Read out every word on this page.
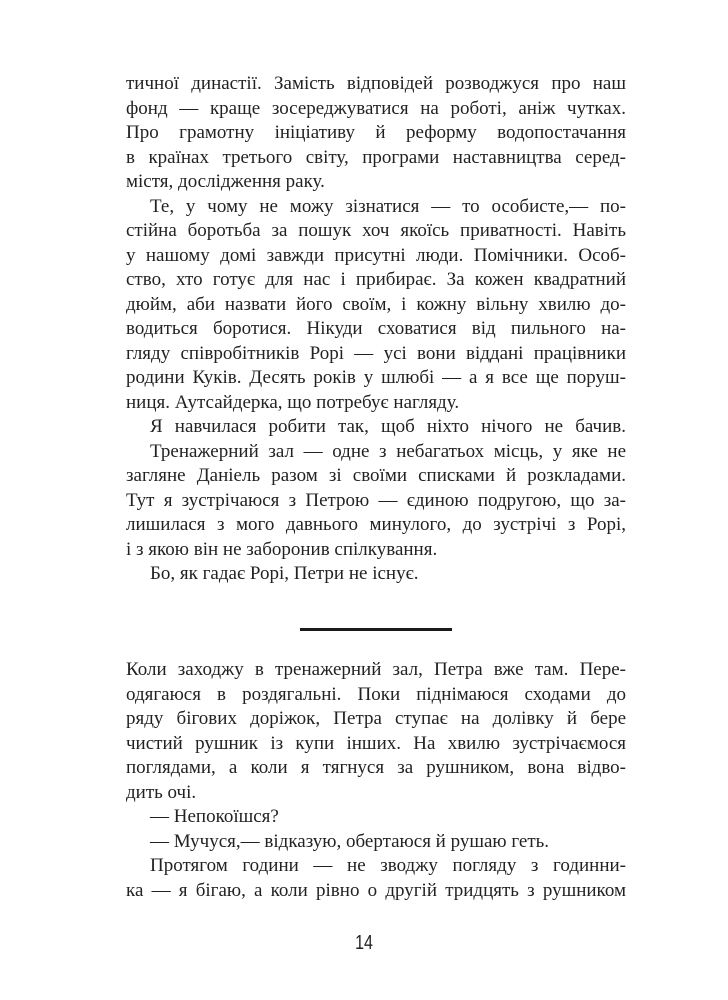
тичної династії. Замість відповідей розводжуся про наш
фонд — краще зосереджуватися на роботі, аніж чутках.
Про грамотну ініціативу й реформу водопостачання
в країнах третього світу, програми наставництва серед-
містя, дослідження раку.
Те, у чому не можу зізнатися — то особисте,— по-
стійна боротьба за пошук хоч якоїсь приватності. Навіть
у нашому домі завжди присутні люди. Помічники. Особ-
ство, хто готує для нас і прибирає. За кожен квадратний
дюйм, аби назвати його своїм, і кожну вільну хвилю до-
водиться боротися. Нікуди сховатися від пильного на-
гляду співробітників Рорі — усі вони віддані працівники
родини Куків. Десять років у шлюбі — а я все ще поруш-
ниця. Аутсайдерка, що потребує нагляду.
Я навчилася робити так, щоб ніхто нічого не бачив.
Тренажерний зал — одне з небагатьох місць, у яке не
загляне Даніель разом зі своїми списками й розкладами.
Тут я зустрічаюся з Петрою — єдиною подругою, що за-
лишилася з мого давнього минулого, до зустрічі з Рорі,
і з якою він не заборонив спілкування.
Бо, як гадає Рорі, Петри не існує.
Коли заходжу в тренажерний зал, Петра вже там. Пере-
одягаюся в роздягальні. Поки піднімаюся сходами до
ряду бігових доріжок, Петра ступає на долівку й бере
чистий рушник із купи інших. На хвилю зустрічаємося
поглядами, а коли я тягнуся за рушником, вона відво-
дить очі.
— Непокоїшся?
— Мучуся,— відказую, обертаюся й рушаю геть.
Протягом години — не зводжу погляду з годинни-
ка — я бігаю, а коли рівно о другій тридцять з рушником
14
